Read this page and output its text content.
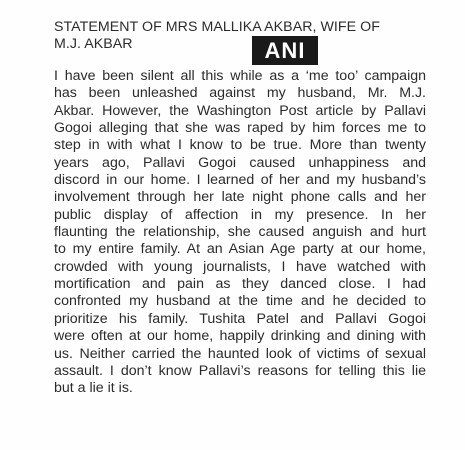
STATEMENT OF MRS MALLIKA AKBAR, WIFE OF
M.J. AKBAR	ANI
I have been silent all this while as a ‘me too’ campaign
has been unleashed against my husband, Mr. M.J.
Akbar. However, the Washington Post article by Pallavi
Gogoi alleging that she was raped by him forces me to
step in with what I know to be true. More than twenty
years ago, Pallavi Gogoi caused unhappiness and
discord in our home. I learned of her and my husband’s
involvement through her late night phone calls and her
public display of affection in my presence. In her
flaunting the relationship, she caused anguish and hurt
to my entire family. At an Asian Age party at our home,
crowded with young journalists, I have watched with
mortification and pain as they danced close. I had
confronted my husband at the time and he decided to
prioritize his family. Tushita Patel and Pallavi Gogoi
were often at our home, happily drinking and dining with
us. Neither carried the haunted look of victims of sexual
assault. I don’t know Pallavi’s reasons for telling this lie
but a lie it is.
